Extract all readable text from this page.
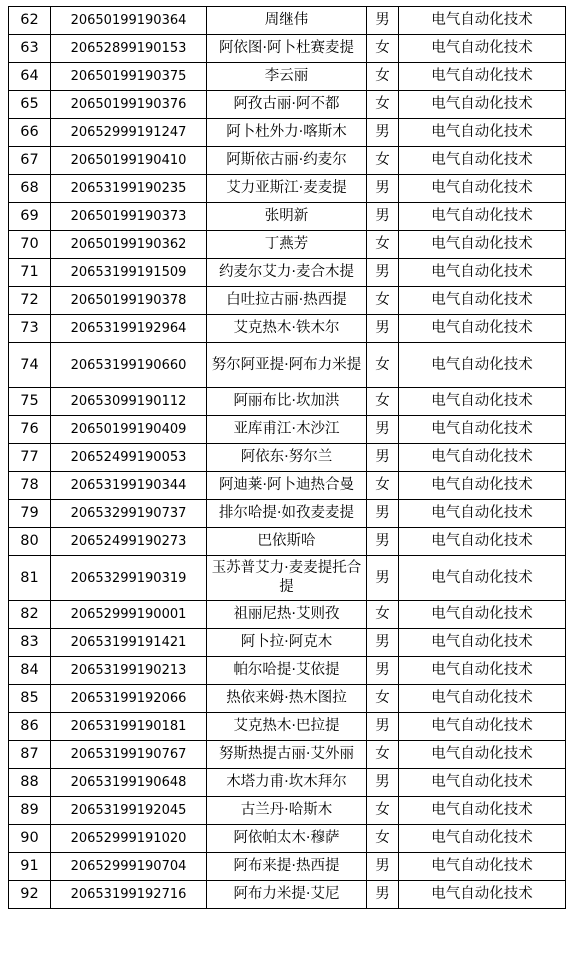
62	20650199190364	周继伟	男	电气自动化技术
63	20652899190153	阿依图·阿卜杜赛麦提	女	电气自动化技术
64	20650199190375	李云丽	女	电气自动化技术
65	20650199190376	阿孜古丽·阿不都	女	电气自动化技术
66	20652999191247	阿卜杜外力·喀斯木	男	电气自动化技术
67	20650199190410	阿斯依古丽·约麦尔	女	电气自动化技术
68	20653199190235	艾力亚斯江·麦麦提	男	电气自动化技术
69	20650199190373	张明新	男	电气自动化技术
70	20650199190362	丁燕芳	女	电气自动化技术
71	20653199191509	约麦尔艾力·麦合木提	男	电气自动化技术
72	20650199190378	白吐拉古丽·热西提	女	电气自动化技术
73	20653199192964	艾克热木·铁木尔	男	电气自动化技术
74	20653199190660	努尔阿亚提·阿布力米提	女	电气自动化技术
75	20653099190112	阿丽布比·坎加洪	女	电气自动化技术
76	20650199190409	亚库甫江·木沙江	男	电气自动化技术
77	20652499190053	阿依东·努尔兰	男	电气自动化技术
78	20653199190344	阿迪莱·阿卜迪热合曼	女	电气自动化技术
79	20653299190737	排尔哈提·如孜麦麦提	男	电气自动化技术
80	20652499190273	巴依斯哈	男	电气自动化技术
81	20653299190319	玉苏普艾力·麦麦提托合提	男	电气自动化技术
82	20652999190001	祖丽尼热·艾则孜	女	电气自动化技术
83	20653199191421	阿卜拉·阿克木	男	电气自动化技术
84	20653199190213	帕尔哈提·艾依提	男	电气自动化技术
85	20653199192066	热依来姆·热木图拉	女	电气自动化技术
86	20653199190181	艾克热木·巴拉提	男	电气自动化技术
87	20653199190767	努斯热提古丽·艾外丽	女	电气自动化技术
88	20653199190648	木塔力甫·坎木拜尔	男	电气自动化技术
89	20653199192045	古兰丹·哈斯木	女	电气自动化技术
90	20652999191020	阿依帕太木·穆萨	女	电气自动化技术
91	20652999190704	阿布来提·热西提	男	电气自动化技术
92	20653199192716	阿布力米提·艾尼	男	电气自动化技术
